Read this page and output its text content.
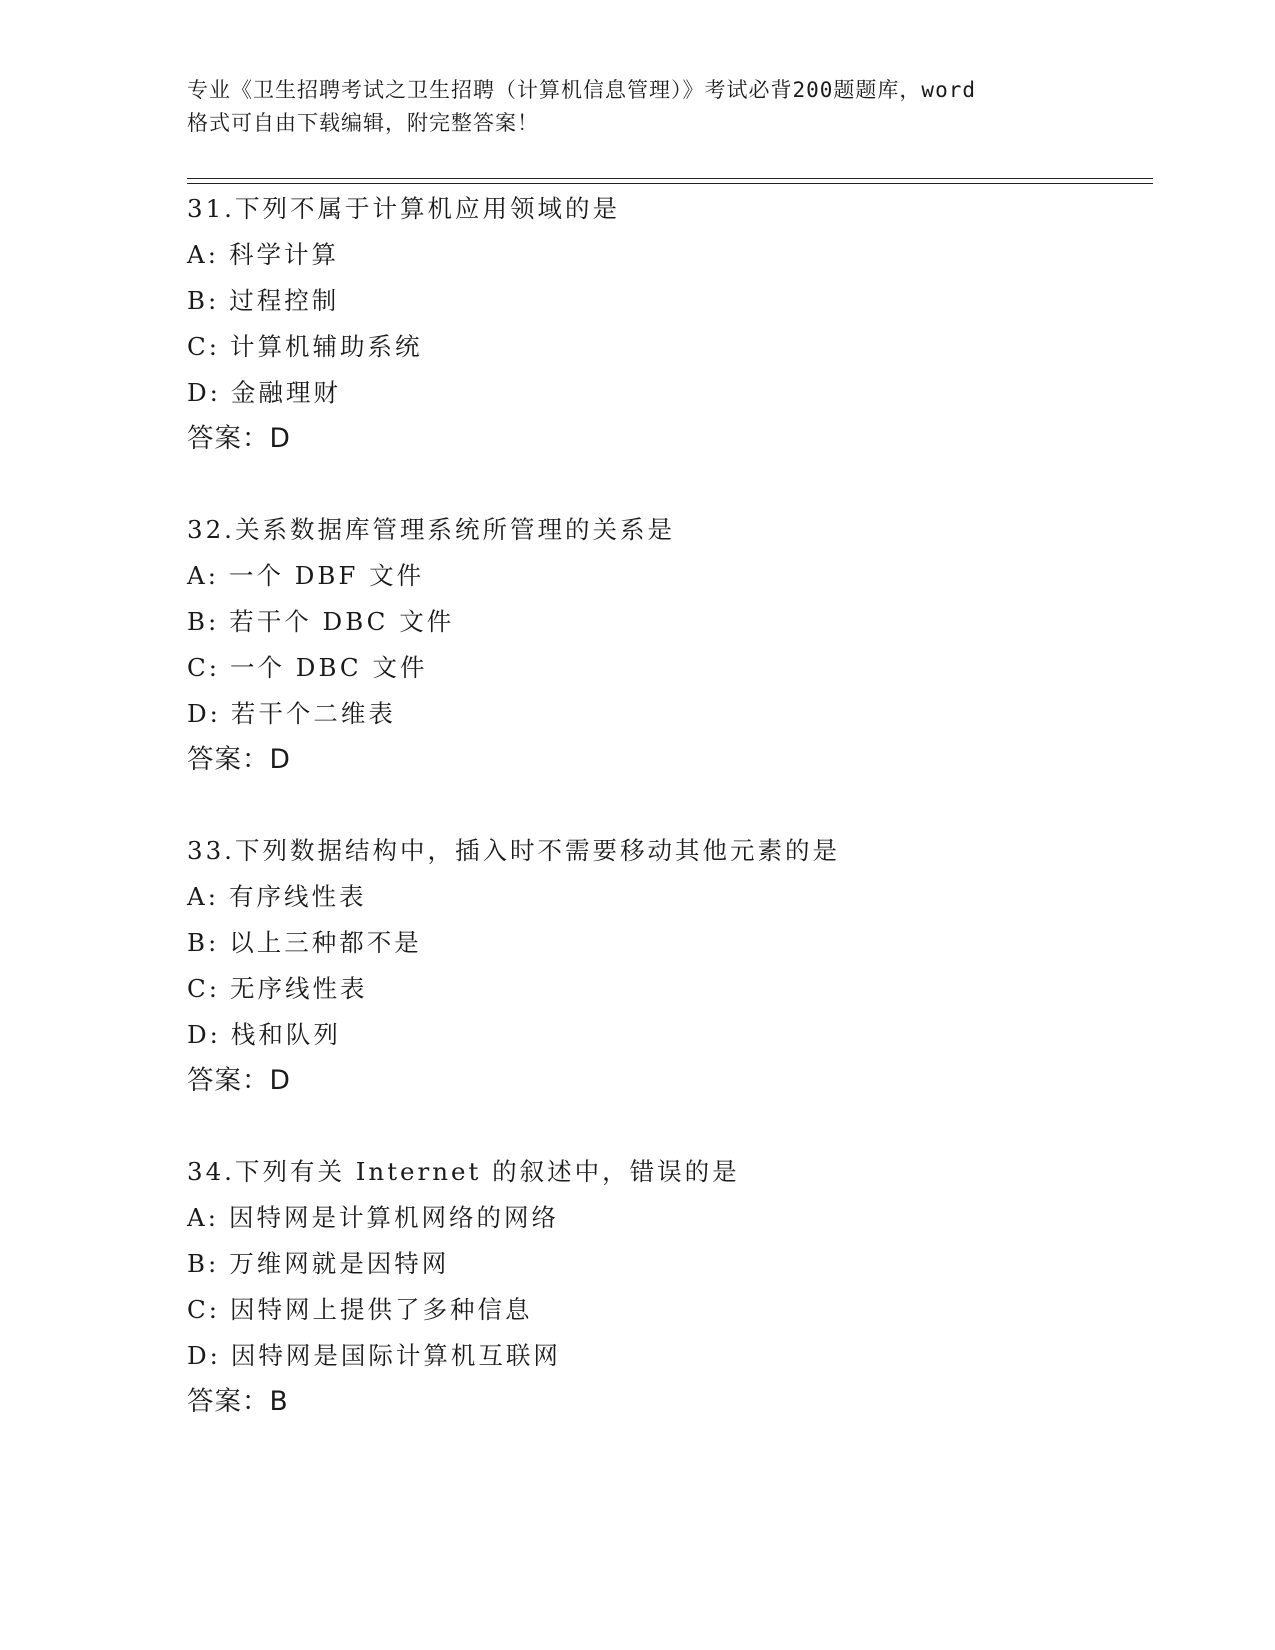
专业《卫生招聘考试之卫生招聘（计算机信息管理）》考试必背200题题库，word
格式可自由下载编辑，附完整答案！
31.下列不属于计算机应用领域的是
A: 科学计算
B: 过程控制
C: 计算机辅助系统
D: 金融理财
答案：D
32.关系数据库管理系统所管理的关系是
A: 一个 DBF 文件
B: 若干个 DBC 文件
C: 一个 DBC 文件
D: 若干个二维表
答案：D
33.下列数据结构中，插入时不需要移动其他元素的是
A: 有序线性表
B: 以上三种都不是
C: 无序线性表
D: 栈和队列
答案：D
34.下列有关 Internet 的叙述中，错误的是
A: 因特网是计算机网络的网络
B: 万维网就是因特网
C: 因特网上提供了多种信息
D: 因特网是国际计算机互联网
答案：B
